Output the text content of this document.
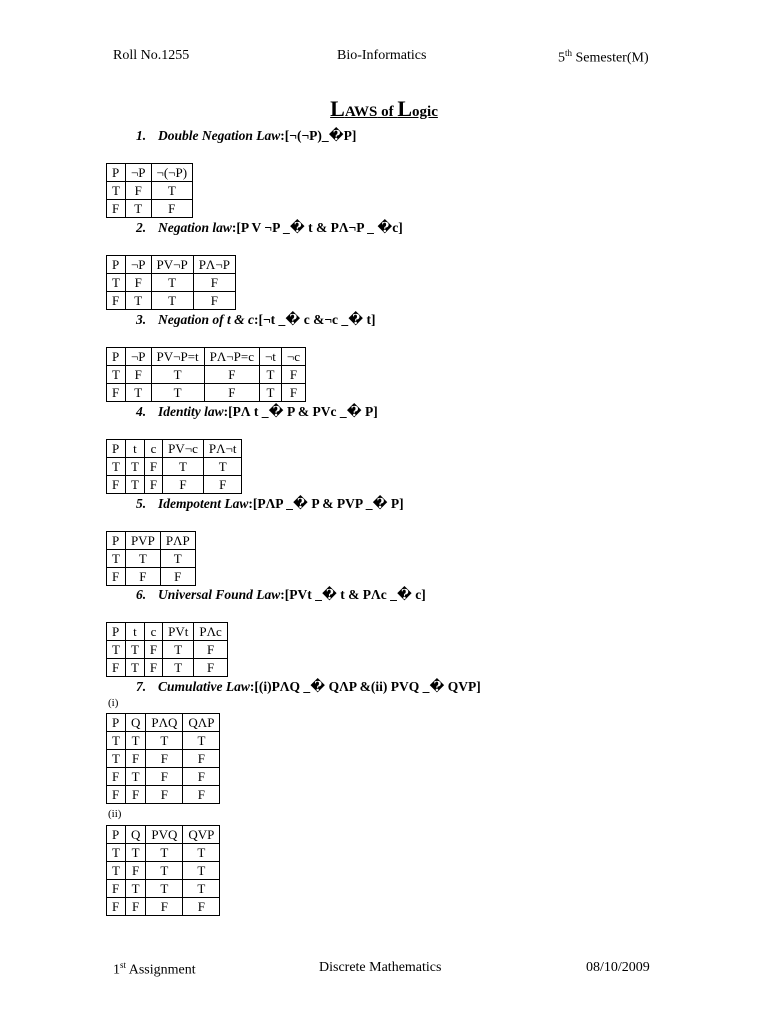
Roll No.1255	Bio-Informatics	5th Semester(M)
LAWS of Logic
1. Double Negation Law:[¬(¬P)_�P]
P	¬P	¬(¬P)
T	F	T
F	T	F
2. Negation law:[P V ¬P _� t & PΛ¬P _ �c]
P	¬P	PV¬P	PΛ¬P
T	F	T	F
F	T	T	F
3. Negation of t & c:[¬t _� c &¬c _� t]
P	¬P	PV¬P=t	PΛ¬P=c	¬t	¬c
T	F	T	F	T	F
F	T	T	F	T	F
4. Identity law:[PΛ t _� P & PVc _� P]
P	t	c	PV¬c	PΛ¬t
T	T	F	T	T
F	T	F	F	F
5. Idempotent Law:[PΛP _� P & PVP _� P]
P	PVP	PΛP
T	T	T
F	F	F
6. Universal Found Law:[PVt _� t & PΛc _� c]
P	t	c	PVt	PΛc
T	T	F	T	F
F	T	F	T	F
7. Cumulative Law:[(i)PΛQ _� QΛP &(ii) PVQ _� QVP]
(i)
P	Q	PΛQ	QΛP
T	T	T	T
T	F	F	F
F	T	F	F
F	F	F	F
(ii)
P	Q	PVQ	QVP
T	T	T	T
T	F	T	T
F	T	T	T
F	F	F	F
1st Assignment	Discrete Mathematics	08/10/2009
